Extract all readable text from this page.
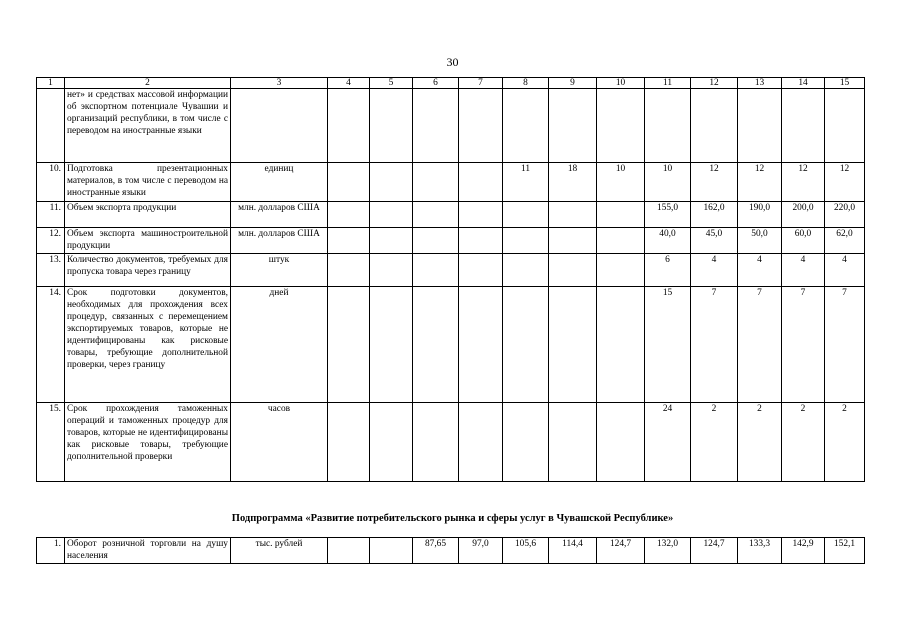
30
1	2	3	4	5	6	7	8	9	10	11	12	13	14	15
	нет» и средствах массовой информации об экспортном потенциале Чувашии и организаций республики, в том числе с переводом на иностранные языки													
10.	Подготовка презентационных материалов, в том числе с переводом на иностранные языки	единиц					11	18	10	10	12	12	12	12
11.	Объем экспорта продукции	млн. долларов США								155,0	162,0	190,0	200,0	220,0
12.	Объем экспорта машиностроительной продукции	млн. долларов США								40,0	45,0	50,0	60,0	62,0
13.	Количество документов, требуемых для пропуска товара через границу	штук								6	4	4	4	4
14.	Срок подготовки документов, необходимых для прохождения всех процедур, связанных с перемещением экспортируемых товаров, которые не идентифицированы как рисковые товары, требующие дополнительной проверки, через границу	дней								15	7	7	7	7
15.	Срок прохождения таможенных операций и таможенных процедур для товаров, которые не идентифицированы как рисковые товары, требующие дополнительной проверки	часов								24	2	2	2	2
Подпрограмма «Развитие потребительского рынка и сферы услуг в Чувашской Республике»
1.	Оборот розничной торговли на душу населения	тыс. рублей			87,65	97,0	105,6	114,4	124,7	132,0	124,7	133,3	142,9	152,1
